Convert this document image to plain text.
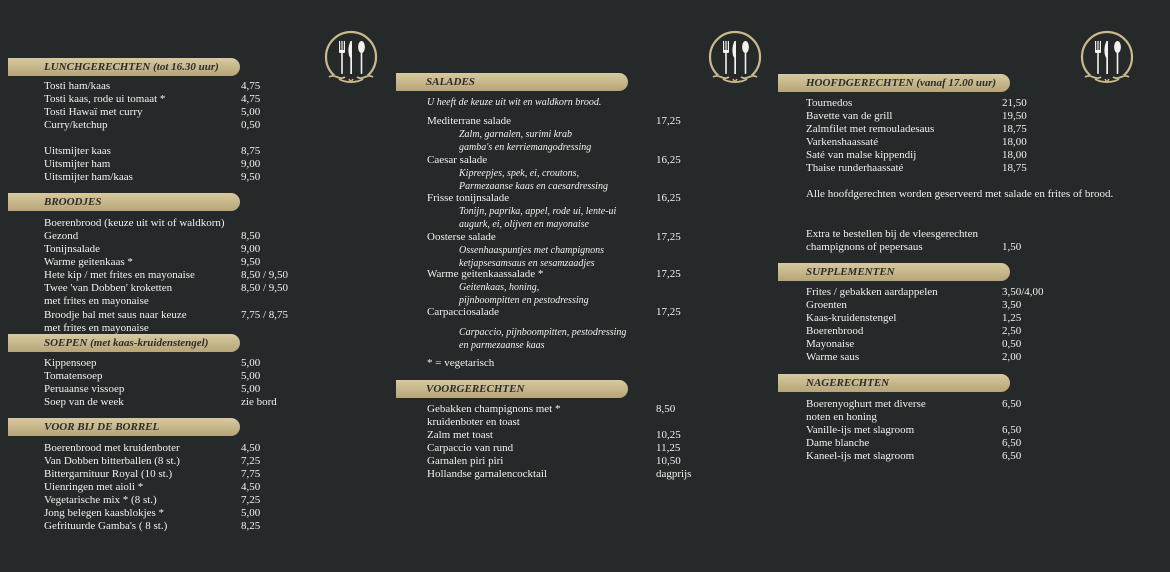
LUNCHGERECHTEN (tot 16.30 uur)
Tosti ham/kaas	4,75
Tosti kaas, rode ui tomaat *	4,75
Tosti Hawaï met curry	5,00
Curry/ketchup	0,50
Uitsmijter kaas	8,75
Uitsmijter ham	9,00
Uitsmijter ham/kaas	9,50
BROODJES
Boerenbrood (keuze uit wit of waldkorn)
Gezond	8,50
Tonijnsalade	9,00
Warme geitenkaas *	9,50
Hete kip / met frites en mayonaise	8,50 / 9,50
Twee 'van Dobben' kroketten	8,50 / 9,50
met frites en mayonaise
Broodje bal met saus naar keuze	7,75 / 8,75
met frites en mayonaise
SOEPEN (met kaas-kruidenstengel)
Kippensoep	5,00
Tomatensoep	5,00
Peruaanse vissoep	5,00
Soep van de week	zie bord
VOOR BIJ DE BORREL
Boerenbrood met kruidenboter	4,50
Van Dobben bitterballen (8 st.)	7,25
Bittergarnituur Royal (10 st.)	7,75
Uienringen met aioli *	4,50
Vegetarische mix * (8 st.)	7,25
Jong belegen kaasblokjes *	5,00
Gefrituurde Gamba's ( 8 st.)	8,25
SALADES
U heeft de keuze uit wit en waldkorn brood.
Mediterrane salade	17,25
Zalm, garnalen, surimi krab
gamba's en kerriemangodressing
Caesar salade	16,25
Kipreepjes, spek, ei, croutons,
Parmezaanse kaas en caesardressing
Frisse tonijnsalade	16,25
Tonijn, paprika, appel, rode ui, lente-ui
augurk, ei, olijven en mayonaise
Oosterse salade	17,25
Ossenhaaspuntjes met champignons
ketjapsesamsaus en sesamzaadjes
Warme geitenkaassalade *	17,25
Geitenkaas, honing,
pijnboompitten en pestodressing
Carpacciosalade	17,25
Carpaccio, pijnboompitten, pestodressing
en parmezaanse kaas
* = vegetarisch
VOORGERECHTEN
Gebakken champignons met *	8,50
kruidenboter en toast
Zalm met toast	10,25
Carpaccio van rund	11,25
Garnalen piri piri	10,50
Hollandse garnalencocktail	dagprijs
HOOFDGERECHTEN (vanaf 17.00 uur)
Tournedos	21,50
Bavette van de grill	19,50
Zalmfilet met remouladesaus	18,75
Varkenshaassaté	18,00
Saté van malse kippendij	18,00
Thaise runderhaassaté	18,75
Alle hoofdgerechten worden geserveerd met salade en frites of brood.
Extra te bestellen bij de vleesgerechten
champignons of pepersaus	1,50
SUPPLEMENTEN
Frites / gebakken aardappelen	3,50/4,00
Groenten	3,50
Kaas-kruidenstengel	1,25
Boerenbrood	2,50
Mayonaise	0,50
Warme saus	2,00
NAGERECHTEN
Boerenyoghurt met diverse	6,50
noten en honing
Vanille-ijs met slagroom	6,50
Dame blanche	6,50
Kaneel-ijs met slagroom	6,50
